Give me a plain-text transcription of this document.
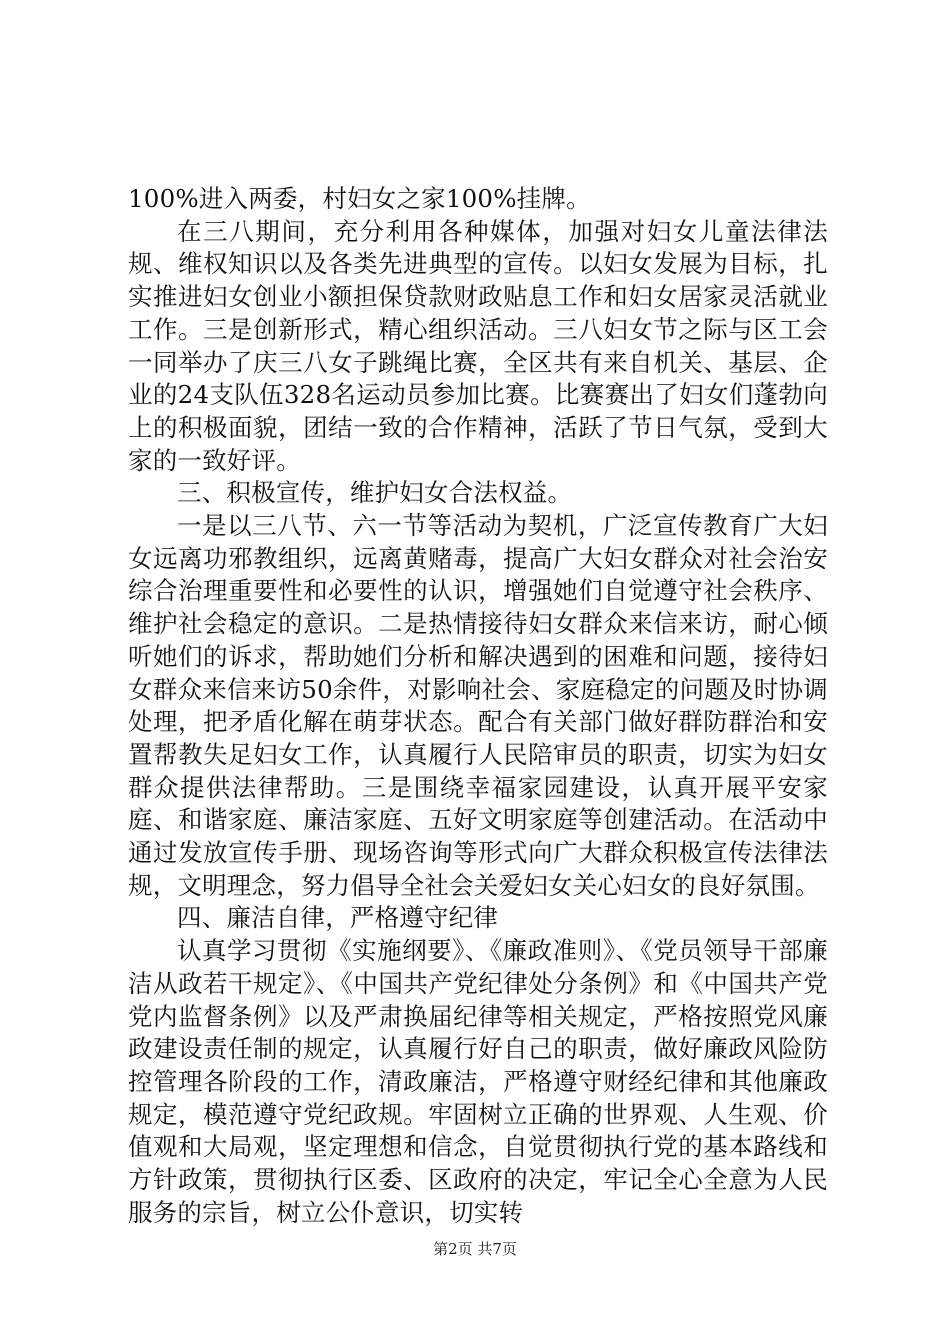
100%进入两委，村妇女之家100%挂牌。

在三八期间，充分利用各种媒体，加强对妇女儿童法律法规、维权知识以及各类先进典型的宣传。以妇女发展为目标，扎实推进妇女创业小额担保贷款财政贴息工作和妇女居家灵活就业工作。三是创新形式，精心组织活动。三八妇女节之际与区工会一同举办了庆三八女子跳绳比赛，全区共有来自机关、基层、企业的24支队伍328名运动员参加比赛。比赛赛出了妇女们蓬勃向上的积极面貌，团结一致的合作精神，活跃了节日气氛，受到大家的一致好评。

三、积极宣传，维护妇女合法权益。

一是以三八节、六一节等活动为契机，广泛宣传教育广大妇女远离功邪教组织，远离黄赌毒，提高广大妇女群众对社会治安综合治理重要性和必要性的认识，增强她们自觉遵守社会秩序、维护社会稳定的意识。二是热情接待妇女群众来信来访，耐心倾听她们的诉求，帮助她们分析和解决遇到的困难和问题，接待妇女群众来信来访50余件，对影响社会、家庭稳定的问题及时协调处理，把矛盾化解在萌芽状态。配合有关部门做好群防群治和安置帮教失足妇女工作，认真履行人民陪审员的职责，切实为妇女群众提供法律帮助。三是围绕幸福家园建设，认真开展平安家庭、和谐家庭、廉洁家庭、五好文明家庭等创建活动。在活动中通过发放宣传手册、现场咨询等形式向广大群众积极宣传法律法规，文明理念，努力倡导全社会关爱妇女关心妇女的良好氛围。

四、廉洁自律，严格遵守纪律

认真学习贯彻《实施纲要》、《廉政准则》、《党员领导干部廉洁从政若干规定》、《中国共产党纪律处分条例》和《中国共产党党内监督条例》以及严肃换届纪律等相关规定，严格按照党风廉政建设责任制的规定，认真履行好自己的职责，做好廉政风险防控管理各阶段的工作，清政廉洁，严格遵守财经纪律和其他廉政规定，模范遵守党纪政规。牢固树立正确的世界观、人生观、价值观和大局观，坚定理想和信念，自觉贯彻执行党的基本路线和方针政策，贯彻执行区委、区政府的决定，牢记全心全意为人民服务的宗旨，树立公仆意识，切实转

第2页 共7页
